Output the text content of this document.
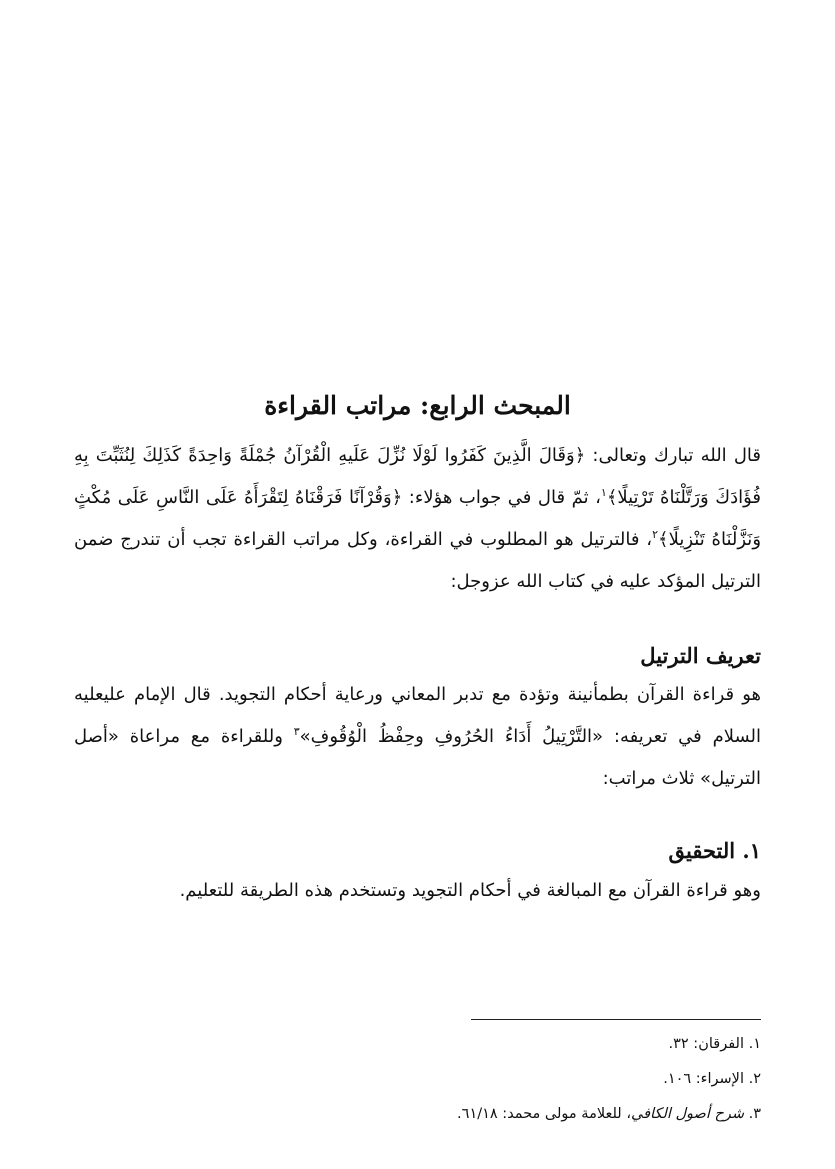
المبحث الرابع: مراتب القراءة

قال الله تبارك وتعالى: ﴿وَقَالَ الَّذِينَ كَفَرُوا لَوْلَا نُزِّلَ عَلَيهِ الْقُرْآنُ جُمْلَةً وَاحِدَةً كَذَلِكَ لِنُثَبِّتَ بِهِ فُؤَادَكَ وَرَتَّلْنَاهُ تَرْتِيلًا﴾$^١$، ثمّ قال في جواب هؤلاء: ﴿وَقُرْآنًا فَرَقْنَاهُ لِتَقْرَأَهُ عَلَى النَّاسِ عَلَى مُكْثٍ وَنَزَّلْنَاهُ تَنْزِيلًا﴾$^٢$، فالترتيل هو المطلوب في القراءة، وكل مراتب القراءة تجب أن تندرج ضمن الترتيل المؤكد عليه في كتاب الله عزوجل:

تعريف الترتيل

هو قراءة القرآن بطمأنينة وتؤدة مع تدبر المعاني ورعاية أحكام التجويد. قال الإمام عليعليه السلام في تعريفه: «التَّرْتِيلُ أَدَاءُ الحُرُوفِ وحِفْظُ الْوُقُوفِ»$^٣$ وللقراءة مع مراعاة «أصل الترتيل» ثلاث مراتب:

١. التحقيق

وهو قراءة القرآن مع المبالغة في أحكام التجويد وتستخدم هذه الطريقة للتعليم.

١. الفرقان: ٣٢.

٢. الإسراء: ١٠٦.

٣. شرح أصول الكافي، للعلامة مولى محمد: ٦١/١٨.
